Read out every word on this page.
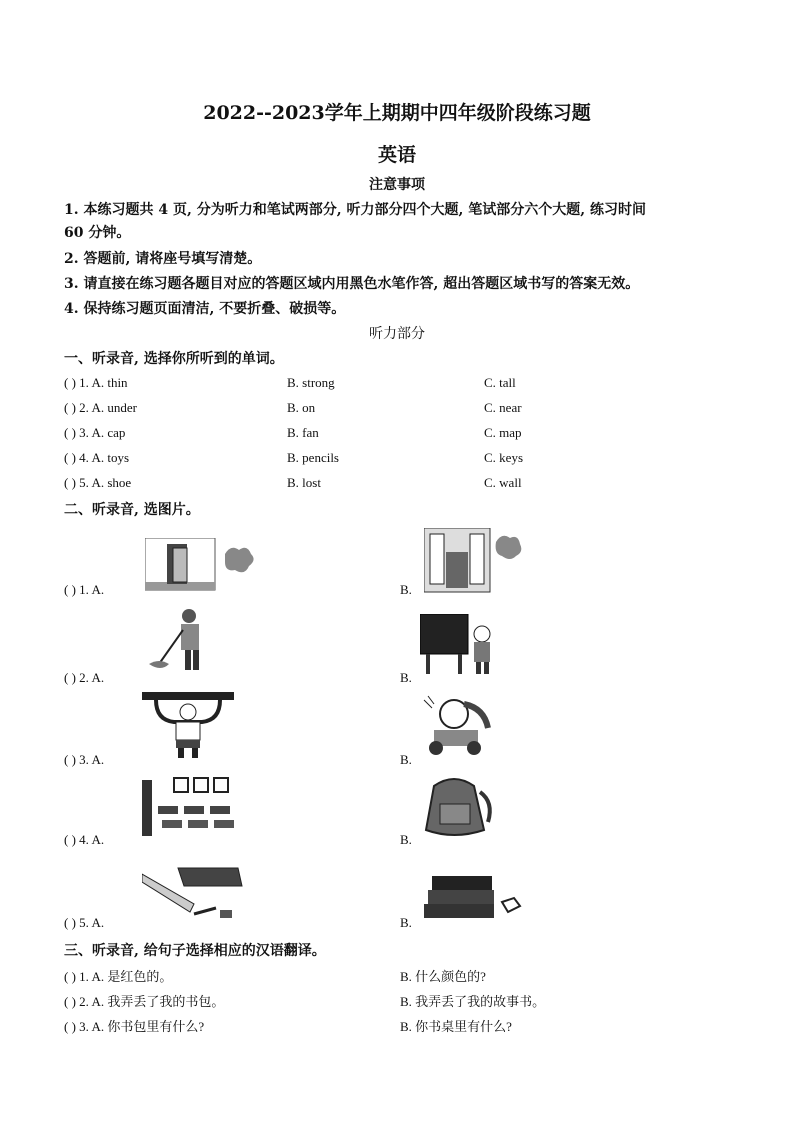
2022--2023学年上期期中四年级阶段练习题
英语
注意事项
1. 本练习题共 4 页, 分为听力和笔试两部分, 听力部分四个大题, 笔试部分六个大题, 练习时间
60 分钟。
2. 答题前, 请将座号填写清楚。
3. 请直接在练习题各题目对应的答题区域内用黑色水笔作答, 超出答题区域书写的答案无效。
4. 保持练习题页面清洁, 不要折叠、破损等。
听力部分
一、听录音, 选择你所听到的单词。
( ) 1. A. thin	B. strong	C. tall
( ) 2. A. under	B. on	C. near
( ) 3. A. cap	B. fan	C. map
( ) 4. A. toys	B. pencils	C. keys
( ) 5. A. shoe	B. lost	C. wall
二、听录音, 选图片。
( ) 1. A.	B.
( ) 2. A.	B.
( ) 3. A.	B.
( ) 4. A.	B.
( ) 5. A.	B.
三、听录音, 给句子选择相应的汉语翻译。
( ) 1. A. 是红色的。	B. 什么颜色的?
( ) 2. A. 我弄丢了我的书包。	B. 我弄丢了我的故事书。
( ) 3. A. 你书包里有什么?	B. 你书桌里有什么?
